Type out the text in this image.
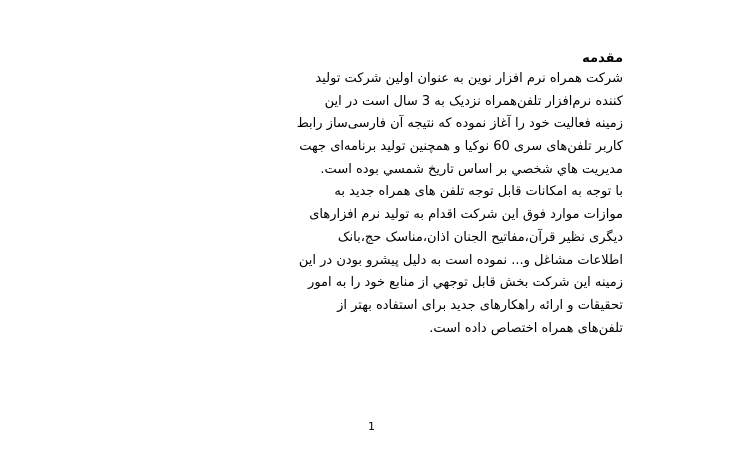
مقدمه
شرکت همراه نرم افزار نوین به عنوان اولین شرکت تولید
کننده نرم‌افزار تلفن‌همراه نزدیک به 3 سال است در این
زمینه فعالیت خود را آغاز نموده که نتیجه آن فارسی‌ساز رابط
کاربر تلفن‌های سری 60 نوکیا و همچنین تولید برنامه‌ای جهت
مدیریت هاي شخصي بر اساس تاريخ شمسي بوده است.
با توجه به امکانات قابل توجه تلفن های همراه جدید به
موازات موارد فوق این شرکت اقدام به تولید نرم افزارهای
دیگری نظیر قرآن،مفاتیح الجنان اذان،مناسک حج،بانک
اطلاعات مشاغل و... نموده است به دلیل پیشرو بودن در این
زمینه این شرکت بخش قابل توجهي از منابع خود را به امور
تحقیقات و ارائه راهکارهای جدید برای استفاده بهتر از
تلفن‌های همراه اختصاص داده است.
1
